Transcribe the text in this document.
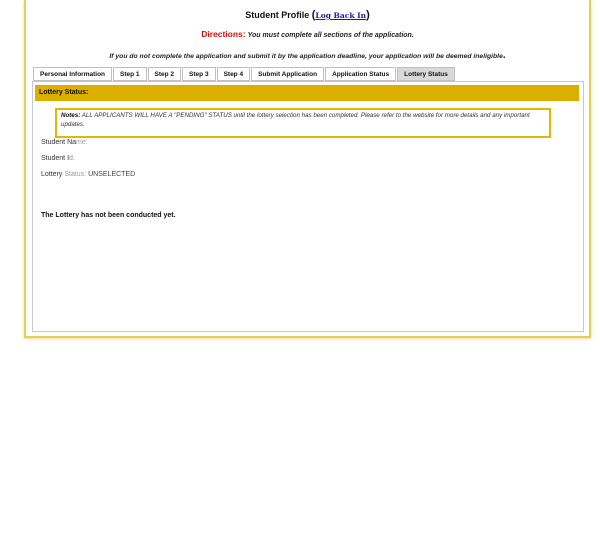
Student Profile (Log Back In)
Directions: You must complete all sections of the application.
If you do not complete the application and submit it by the application deadline, your application will be deemed ineligible.
Personal Information	Step 1	Step 2	Step 3	Step 4	Submit Application	Application Status	Lottery Status
Lottery Status:
Notes: ALL APPLICANTS WILL HAVE A "PENDING" STATUS until the lottery selection has been completed. Please refer to the website for more details and any important updates.
Student Name:
Student Id:
Lottery Status: UNSELECTED
The Lottery has not been conducted yet.
